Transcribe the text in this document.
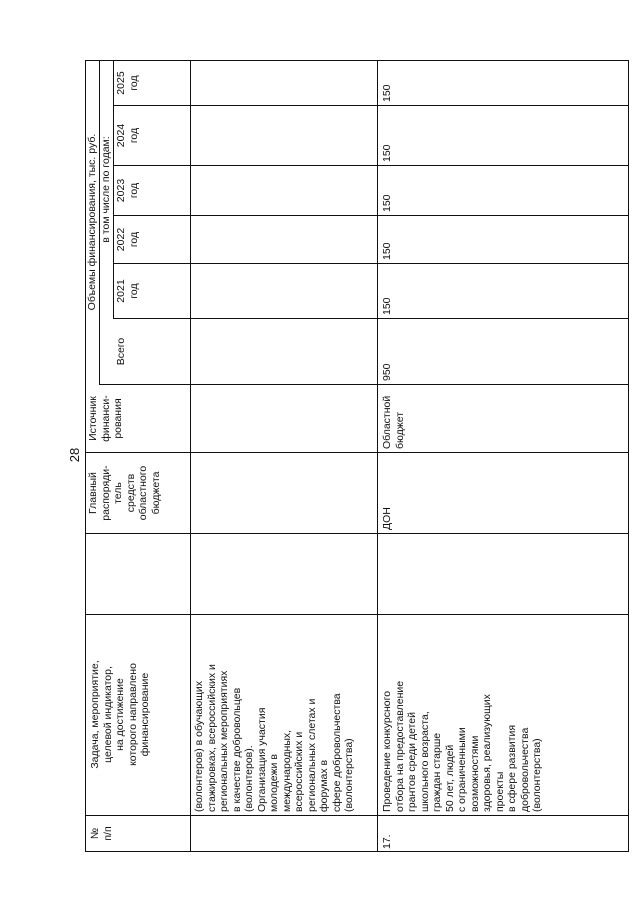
28
№
п/п
Задача, мероприятие,
целевой индикатор,
на достижение
которого направлено
финансирование
Главный
распоряди-
тель
средств
областного
бюджета
Источник
финанси-
рования
Объемы финансирования, тыс. руб.
Всего
в том числе по годам:
2021
год
2022
год
2023
год
2024
год
2025
год
(волонтеров) в обучающих
стажировках, всероссийских и
региональных мероприятиях
в качестве добровольцев
(волонтеров).
Организация участия
молодежи в
международных,
всероссийских и
региональных слетах и
форумах в
сфере добровольчества
(волонтерства)
17.
Проведение конкурсного
отбора на предоставление
грантов среди детей
школьного возраста,
граждан старше
50 лет, людей
с ограниченными
возможностями
здоровья, реализующих
проекты
в сфере развития
добровольчества
(волонтерства)
ДОН
Областной
бюджет
950
150
150
150
150
150
